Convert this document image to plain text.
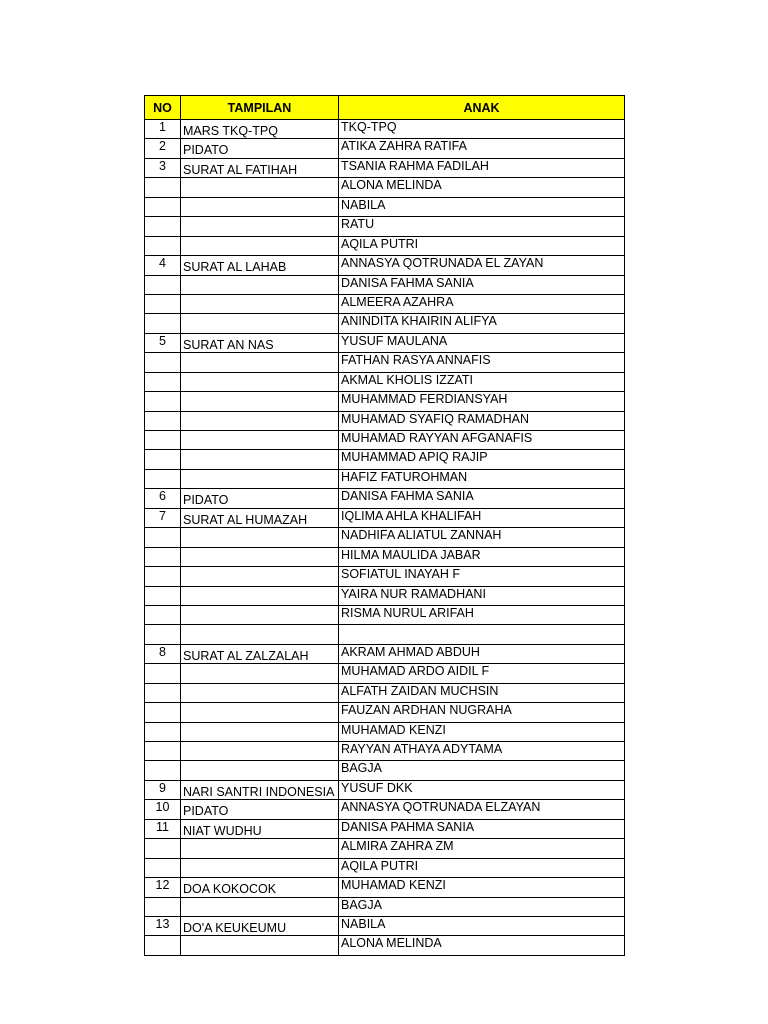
NO	TAMPILAN	ANAK
1	MARS TKQ-TPQ	TKQ-TPQ
2	PIDATO	ATIKA ZAHRA RATIFA
3	SURAT AL FATIHAH	TSANIA RAHMA FADILAH
		ALONA MELINDA
		NABILA
		RATU
		AQILA PUTRI
4	SURAT AL LAHAB	ANNASYA QOTRUNADA EL ZAYAN
		DANISA FAHMA SANIA
		ALMEERA AZAHRA
		ANINDITA KHAIRIN ALIFYA
5	SURAT AN NAS	YUSUF MAULANA
		FATHAN RASYA ANNAFIS
		AKMAL KHOLIS IZZATI
		MUHAMMAD FERDIANSYAH
		MUHAMAD SYAFIQ RAMADHAN
		MUHAMAD RAYYAN AFGANAFIS
		MUHAMMAD APIQ RAJIP
		HAFIZ FATUROHMAN
6	PIDATO	DANISA FAHMA SANIA
7	SURAT AL HUMAZAH	IQLIMA AHLA KHALIFAH
		NADHIFA ALIATUL ZANNAH
		HILMA MAULIDA JABAR
		SOFIATUL INAYAH F
		YAIRA NUR RAMADHANI
		RISMA NURUL ARIFAH

8	SURAT AL ZALZALAH	AKRAM AHMAD ABDUH
		MUHAMAD ARDO AIDIL F
		ALFATH ZAIDAN MUCHSIN
		FAUZAN ARDHAN NUGRAHA
		MUHAMAD KENZI
		RAYYAN ATHAYA ADYTAMA
		BAGJA
9	NARI SANTRI INDONESIA	YUSUF DKK
10	PIDATO	ANNASYA QOTRUNADA ELZAYAN
11	NIAT WUDHU	DANISA PAHMA SANIA
		ALMIRA ZAHRA ZM
		AQILA PUTRI
12	DOA KOKOCOK	MUHAMAD KENZI
		BAGJA
13	DO'A KEUKEUMU	NABILA
		ALONA MELINDA
